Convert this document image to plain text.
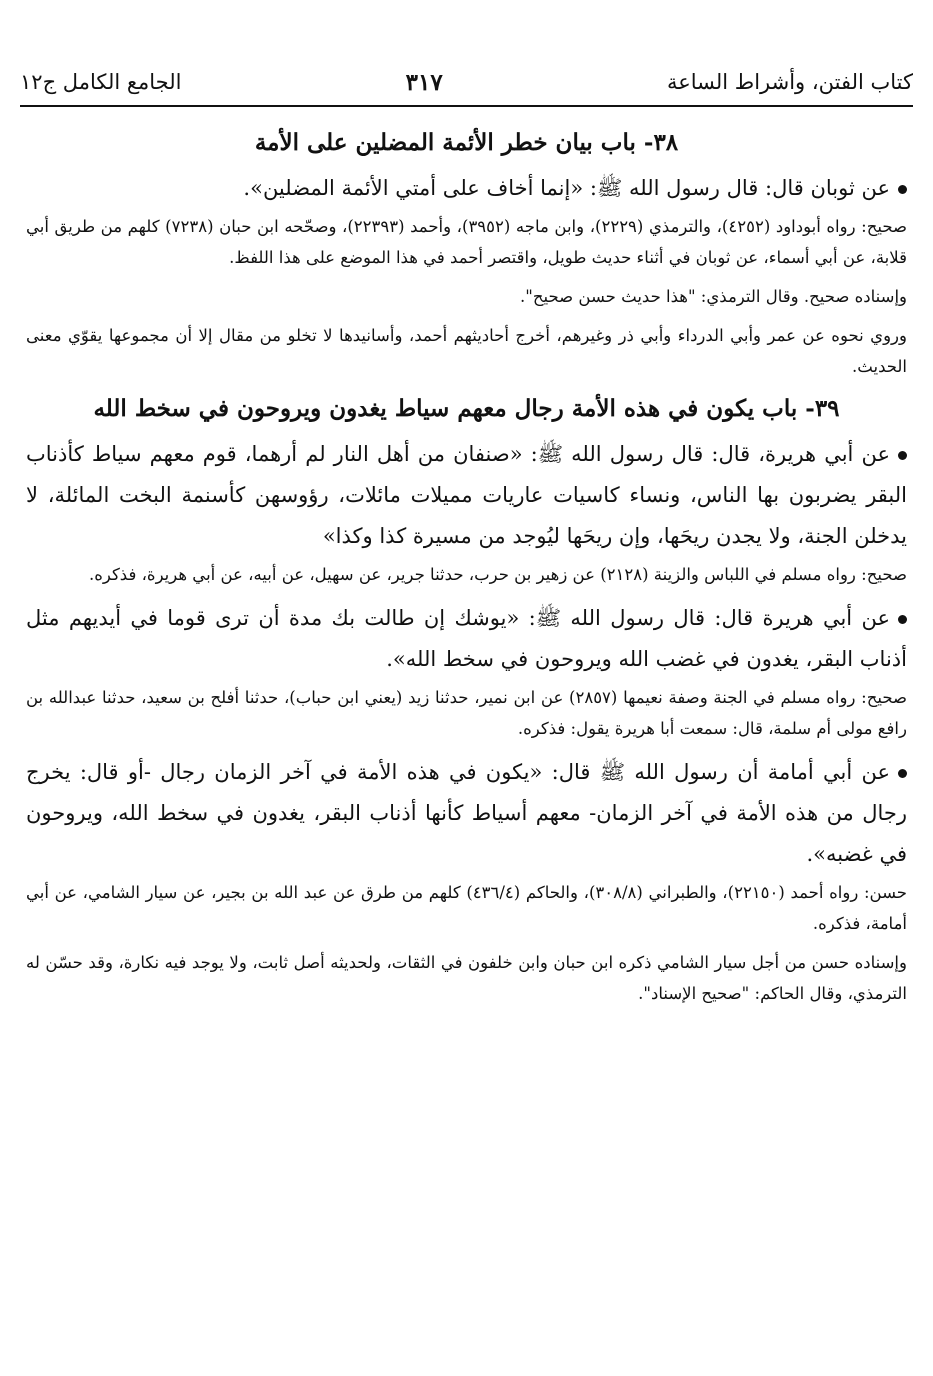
كتاب الفتن، وأشراط الساعة
٣١٧
الجامع الكامل ج١٢
٣٨- باب بيان خطر الأئمة المضلين على الأمة

عن ثوبان قال: قال رسول الله ﷺ: «إنما أخاف على أمتي الأئمة المضلين».

صحيح: رواه أبوداود (٤٢٥٢)، والترمذي (٢٢٢٩)، وابن ماجه (٣٩٥٢)، وأحمد (٢٢٣٩٣)، وصحّحه ابن حبان (٧٢٣٨) كلهم من طريق أبي قلابة، عن أبي أسماء، عن ثوبان في أثناء حديث طويل، واقتصر أحمد في هذا الموضع على هذا اللفظ.

وإسناده صحيح. وقال الترمذي: "هذا حديث حسن صحيح".

وروي نحوه عن عمر وأبي الدرداء وأبي ذر وغيرهم، أخرج أحاديثهم أحمد، وأسانيدها لا تخلو من مقال إلا أن مجموعها يقوّي معنى الحديث.

٣٩- باب يكون في هذه الأمة رجال معهم سياط يغدون ويروحون في سخط الله

عن أبي هريرة، قال: قال رسول الله ﷺ: «صنفان من أهل النار لم أرهما، قوم معهم سياط كأذناب البقر يضربون بها الناس، ونساء كاسيات عاريات مميلات مائلات، رؤوسهن كأسنمة البخت المائلة، لا يدخلن الجنة، ولا يجدن ريحَها، وإن ريحَها ليُوجد من مسيرة كذا وكذا»

صحيح: رواه مسلم في اللباس والزينة (٢١٢٨) عن زهير بن حرب، حدثنا جرير، عن سهيل، عن أبيه، عن أبي هريرة، فذكره.

عن أبي هريرة قال: قال رسول الله ﷺ: «يوشك إن طالت بك مدة أن ترى قوما في أيديهم مثل أذناب البقر، يغدون في غضب الله ويروحون في سخط الله».

صحيح: رواه مسلم في الجنة وصفة نعيمها (٢٨٥٧) عن ابن نمير، حدثنا زيد (يعني ابن حباب)، حدثنا أفلح بن سعيد، حدثنا عبدالله بن رافع مولى أم سلمة، قال: سمعت أبا هريرة يقول: فذكره.

عن أبي أمامة أن رسول الله ﷺ قال: «يكون في هذه الأمة في آخر الزمان رجال -أو قال: يخرج رجال من هذه الأمة في آخر الزمان- معهم أسياط كأنها أذناب البقر، يغدون في سخط الله، ويروحون في غضبه».

حسن: رواه أحمد (٢٢١٥٠)، والطبراني (٣٠٨/٨)، والحاكم (٤٣٦/٤) كلهم من طرق عن عبد الله بن بجير، عن سيار الشامي، عن أبي أمامة، فذكره.

وإسناده حسن من أجل سيار الشامي ذكره ابن حبان وابن خلفون في الثقات، ولحديثه أصل ثابت، ولا يوجد فيه نكارة، وقد حسّن له الترمذي، وقال الحاكم: "صحيح الإسناد".
